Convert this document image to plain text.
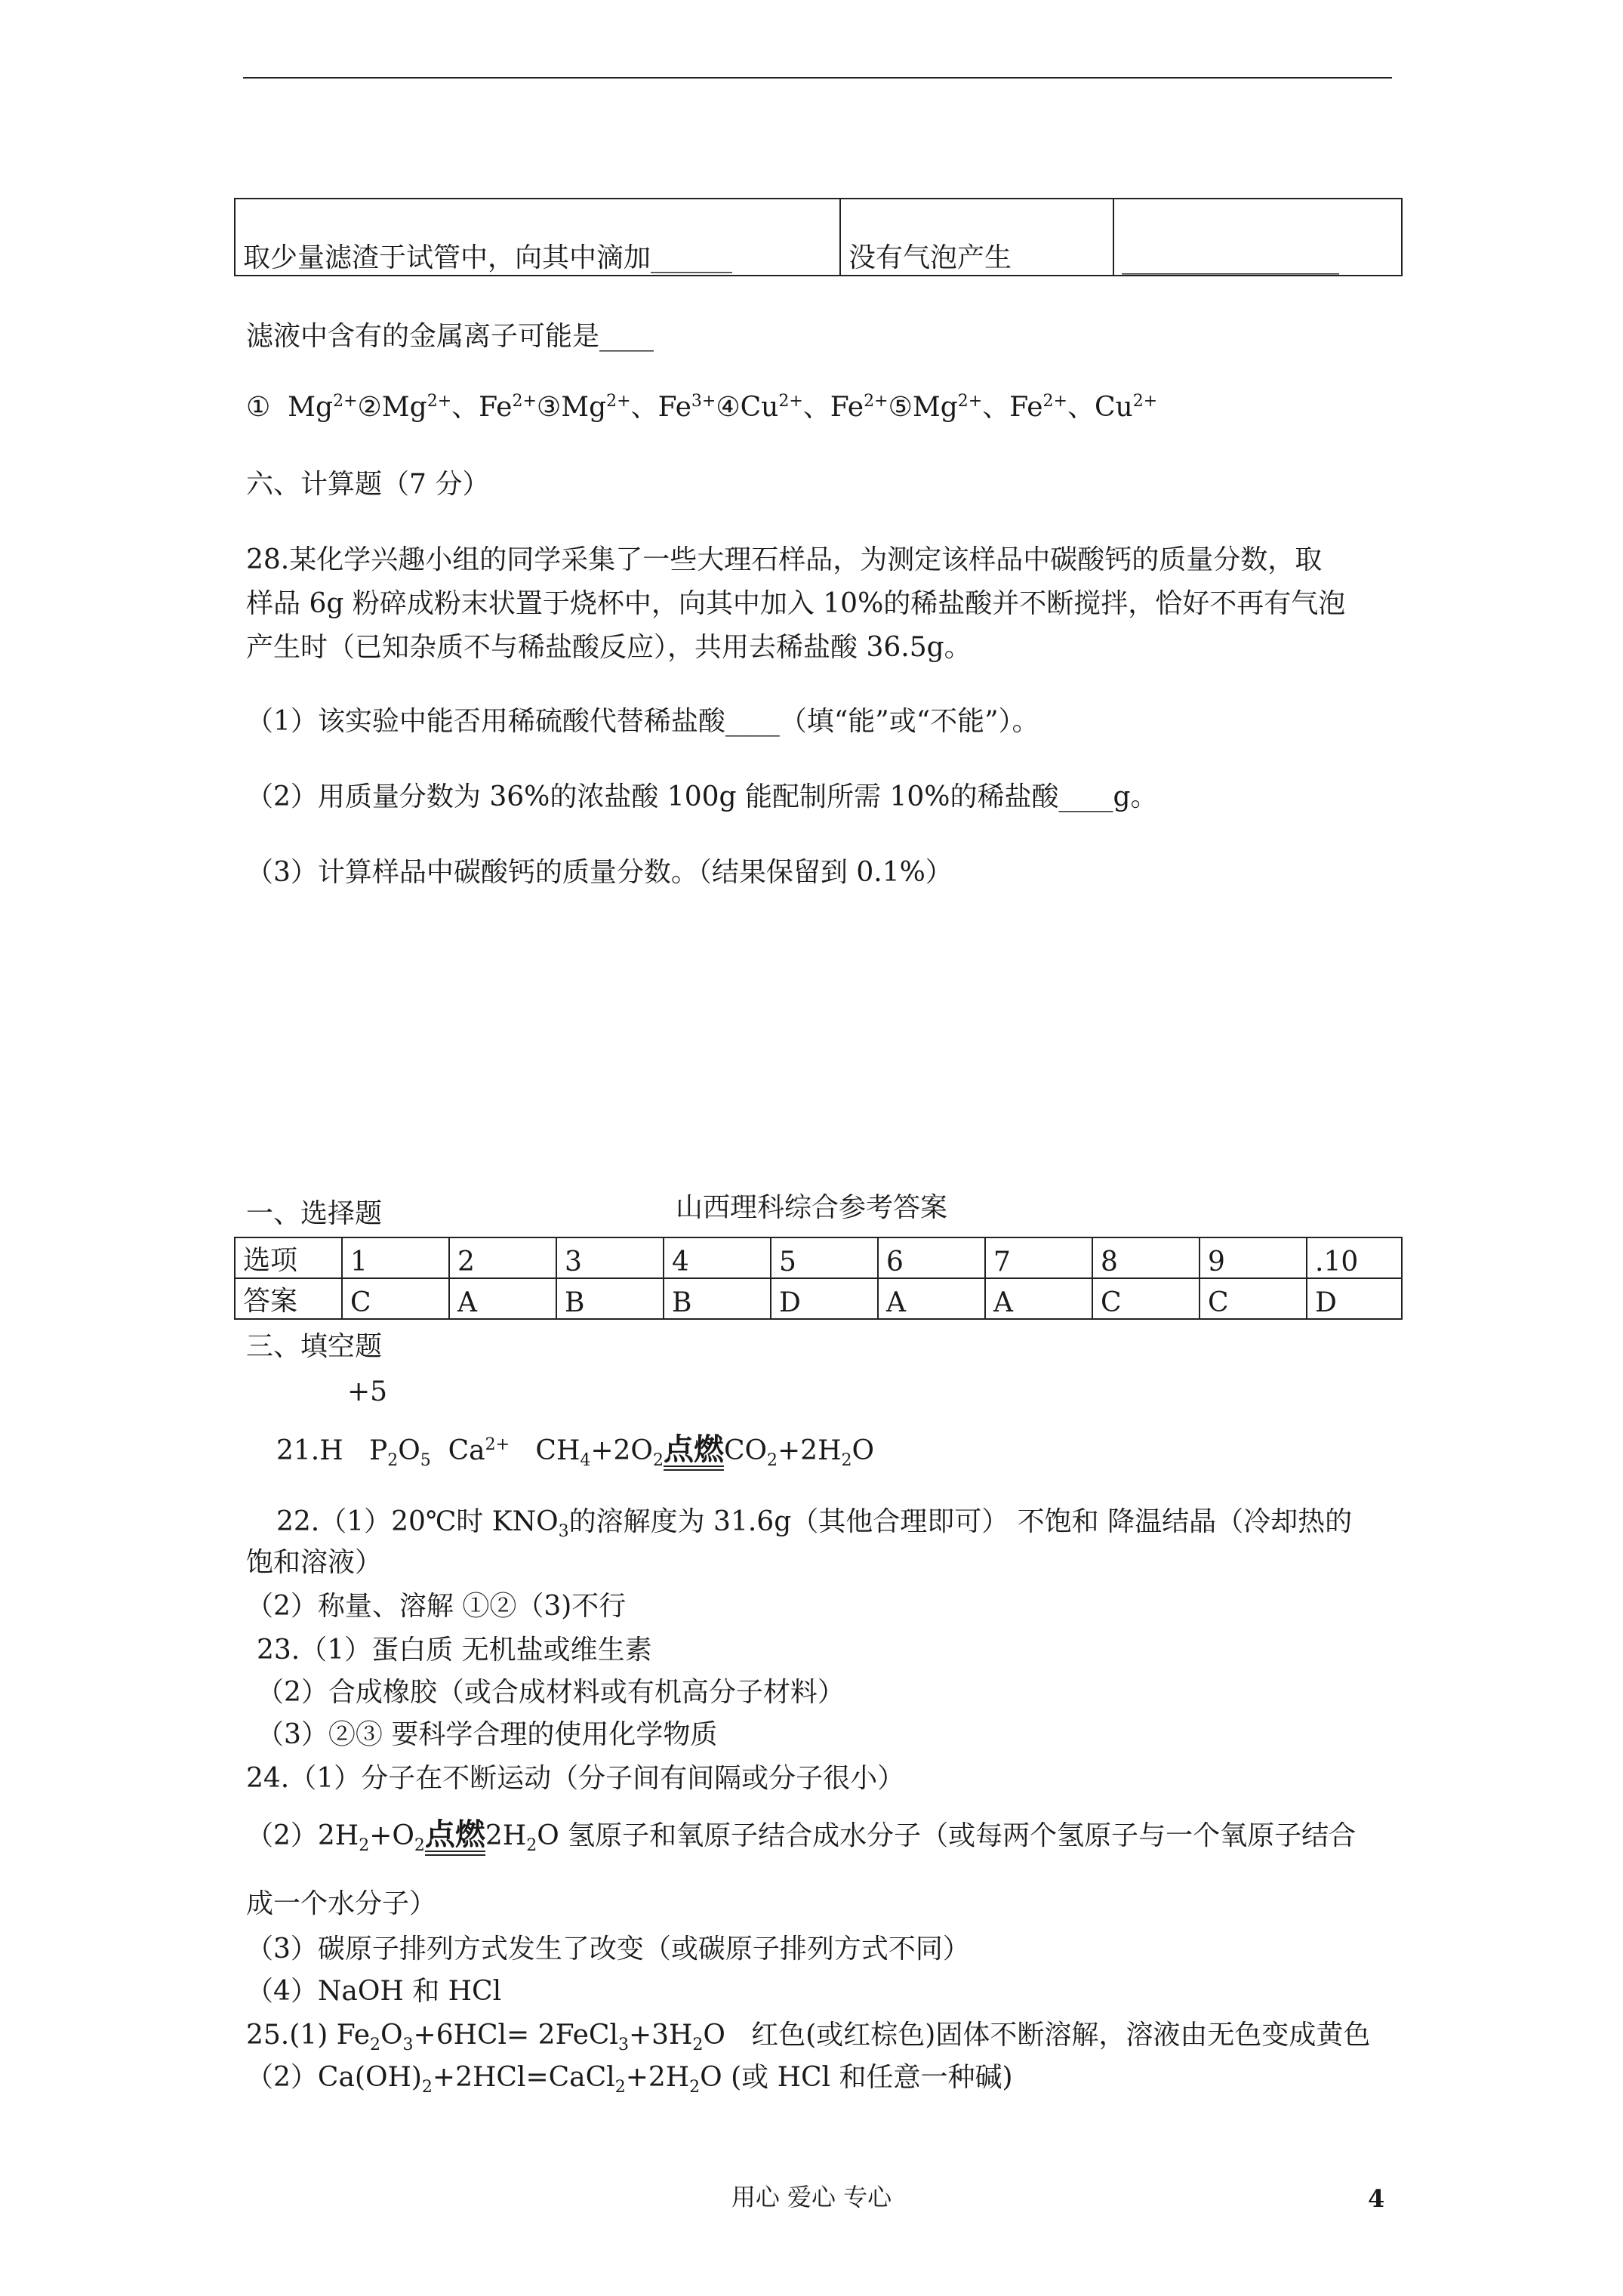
取少量滤渣于试管中，向其中滴加______	没有气泡产生	________________
滤液中含有的金属离子可能是____
①  $Mg^{2+}②Mg^{2+}$、$Fe^{2+}③Mg^{2+}$、$Fe^{3+}④Cu^{2+}$、$Fe^{2+}⑤Mg^{2+}$、$Fe^{2+}$、$Cu^{2+}$
六、计算题（7 分）
28.某化学兴趣小组的同学采集了一些大理石样品，为测定该样品中碳酸钙的质量分数，取
样品 6g 粉碎成粉末状置于烧杯中，向其中加入 10%的稀盐酸并不断搅拌，恰好不再有气泡
产生时（已知杂质不与稀盐酸反应），共用去稀盐酸 36.5g。
（1）该实验中能否用稀硫酸代替稀盐酸____（填“能”或“不能”）。
（2）用质量分数为 36%的浓盐酸 100g 能配制所需 10%的稀盐酸____g。
（3）计算样品中碳酸钙的质量分数。（结果保留到 0.1%）
山西理科综合参考答案
一、选择题
选项	1	2	3	4	5	6	7	8	9	.10
答案	C	A	B	B	D	A	A	C	C	D
三、填空题
+5
21.H   $P_2O_5$  $Ca^{2+}$   $CH_4+2O_2$点燃$CO_2+2H_2O$
22.（1）20℃时 $KNO_3$的溶解度为 31.6g（其他合理即可） 不饱和 降温结晶（冷却热的
饱和溶液）
（2）称量、溶解 ①②（3)不行
23.（1）蛋白质 无机盐或维生素
（2）合成橡胶（或合成材料或有机高分子材料）
（3）②③ 要科学合理的使用化学物质
24.（1）分子在不断运动（分子间有间隔或分子很小）
$(2)2H_2+O_2$点燃$2H_2O$ 氢原子和氧原子结合成水分子（或每两个氢原子与一个氧原子结合
成一个水分子）
（3）碳原子排列方式发生了改变（或碳原子排列方式不同）
（4）NaOH 和 HCl
25.(1) $Fe_2O_3+6HCl=$ $2FeCl_3+3H_2O$   红色(或红棕色)固体不断溶解，溶液由无色变成黄色
$(2)Ca(OH)_2+2HCl=CaCl_2+2H_2O$ (或 HCl 和任意一种碱)
用心 爱心 专心	4
